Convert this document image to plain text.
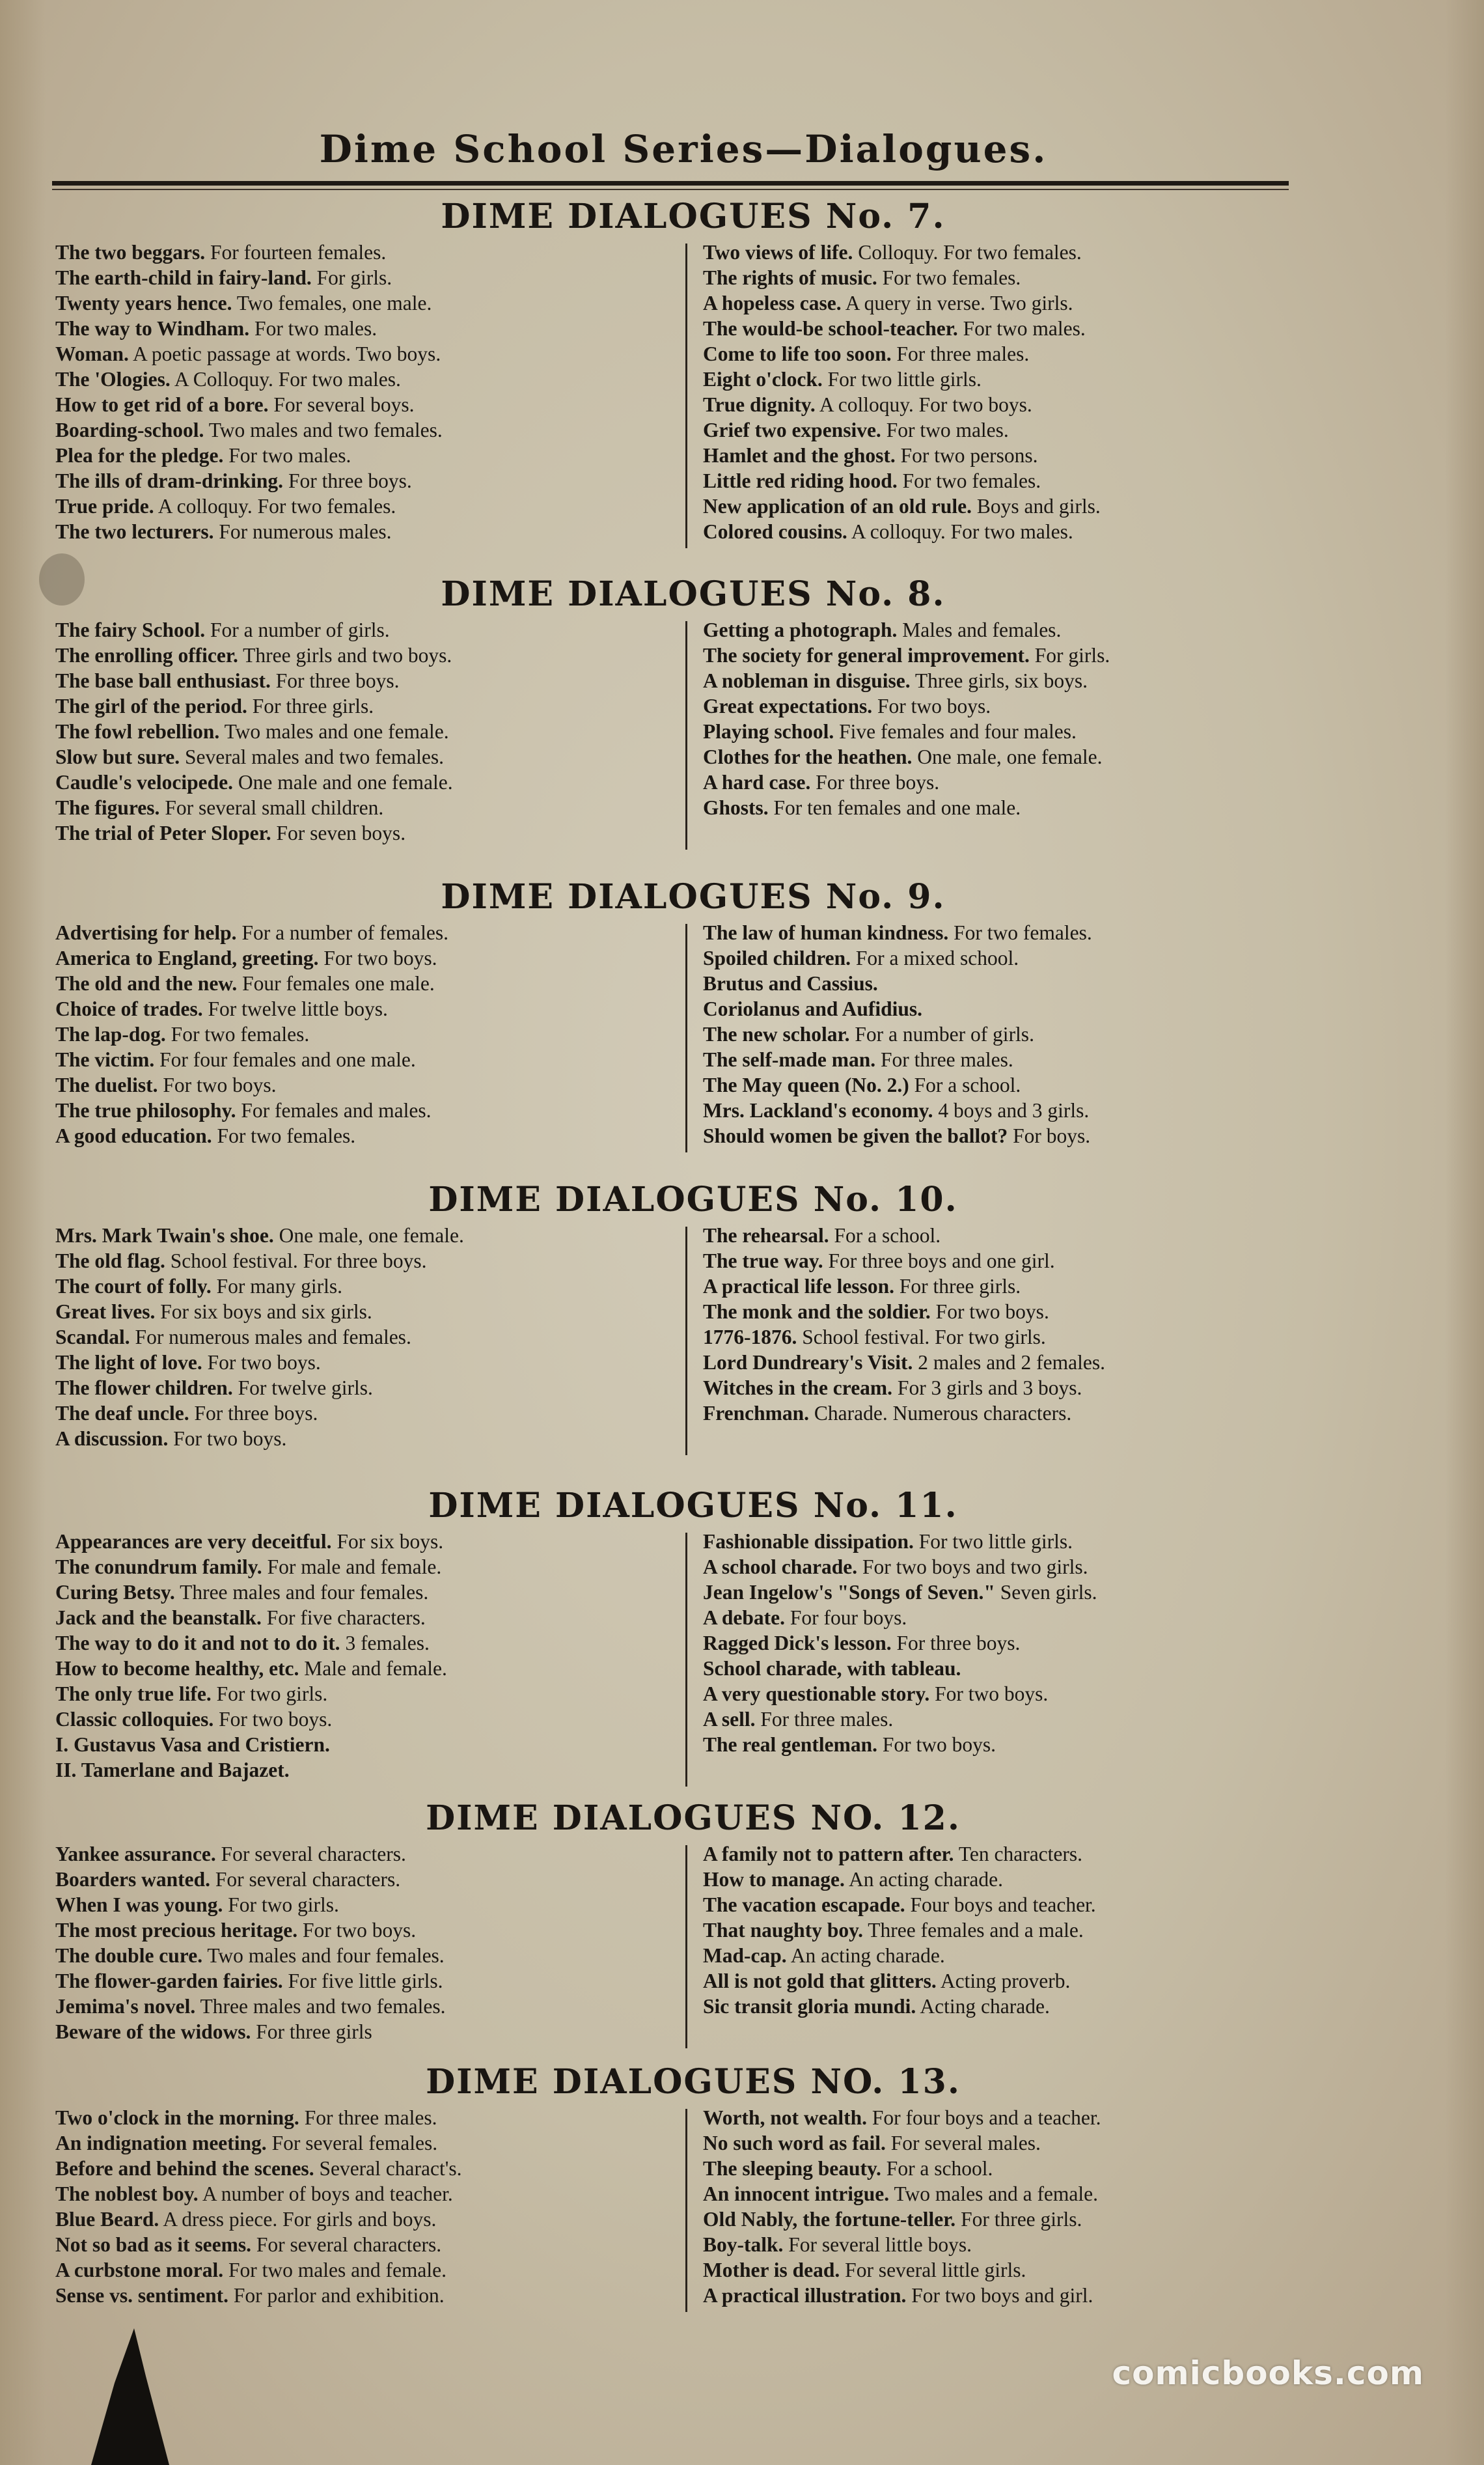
Dime School Series—Dialogues.
DIME DIALOGUES No. 7.
The two beggars. For fourteen females.
The earth-child in fairy-land. For girls.
Twenty years hence. Two females, one male.
The way to Windham. For two males.
Woman. A poetic passage at words. Two boys.
The 'Ologies. A Colloquy. For two males.
How to get rid of a bore. For several boys.
Boarding-school. Two males and two females.
Plea for the pledge. For two males.
The ills of dram-drinking. For three boys.
True pride. A colloquy. For two females.
The two lecturers. For numerous males.
Two views of life. Colloquy. For two females.
The rights of music. For two females.
A hopeless case. A query in verse. Two girls.
The would-be school-teacher. For two males.
Come to life too soon. For three males.
Eight o'clock. For two little girls.
True dignity. A colloquy. For two boys.
Grief two expensive. For two males.
Hamlet and the ghost. For two persons.
Little red riding hood. For two females.
New application of an old rule. Boys and girls.
Colored cousins. A colloquy. For two males.
DIME DIALOGUES No. 8.
The fairy School. For a number of girls.
The enrolling officer. Three girls and two boys.
The base ball enthusiast. For three boys.
The girl of the period. For three girls.
The fowl rebellion. Two males and one female.
Slow but sure. Several males and two females.
Caudle's velocipede. One male and one female.
The figures. For several small children.
The trial of Peter Sloper. For seven boys.
Getting a photograph. Males and females.
The society for general improvement. For girls.
A nobleman in disguise. Three girls, six boys.
Great expectations. For two boys.
Playing school. Five females and four males.
Clothes for the heathen. One male, one female.
A hard case. For three boys.
Ghosts. For ten females and one male.
DIME DIALOGUES No. 9.
Advertising for help. For a number of females.
America to England, greeting. For two boys.
The old and the new. Four females one male.
Choice of trades. For twelve little boys.
The lap-dog. For two females.
The victim. For four females and one male.
The duelist. For two boys.
The true philosophy. For females and males.
A good education. For two females.
The law of human kindness. For two females.
Spoiled children. For a mixed school.
Brutus and Cassius.
Coriolanus and Aufidius.
The new scholar. For a number of girls.
The self-made man. For three males.
The May queen (No. 2.) For a school.
Mrs. Lackland's economy. 4 boys and 3 girls.
Should women be given the ballot? For boys.
DIME DIALOGUES No. 10.
Mrs. Mark Twain's shoe. One male, one female.
The old flag. School festival. For three boys.
The court of folly. For many girls.
Great lives. For six boys and six girls.
Scandal. For numerous males and females.
The light of love. For two boys.
The flower children. For twelve girls.
The deaf uncle. For three boys.
A discussion. For two boys.
The rehearsal. For a school.
The true way. For three boys and one girl.
A practical life lesson. For three girls.
The monk and the soldier. For two boys.
1776-1876. School festival. For two girls.
Lord Dundreary's Visit. 2 males and 2 females.
Witches in the cream. For 3 girls and 3 boys.
Frenchman. Charade. Numerous characters.
DIME DIALOGUES No. 11.
Appearances are very deceitful. For six boys.
The conundrum family. For male and female.
Curing Betsy. Three males and four females.
Jack and the beanstalk. For five characters.
The way to do it and not to do it. 3 females.
How to become healthy, etc. Male and female.
The only true life. For two girls.
Classic colloquies. For two boys.
I. Gustavus Vasa and Cristiern.
II. Tamerlane and Bajazet.
Fashionable dissipation. For two little girls.
A school charade. For two boys and two girls.
Jean Ingelow's "Songs of Seven." Seven girls.
A debate. For four boys.
Ragged Dick's lesson. For three boys.
School charade, with tableau.
A very questionable story. For two boys.
A sell. For three males.
The real gentleman. For two boys.
DIME DIALOGUES NO. 12.
Yankee assurance. For several characters.
Boarders wanted. For several characters.
When I was young. For two girls.
The most precious heritage. For two boys.
The double cure. Two males and four females.
The flower-garden fairies. For five little girls.
Jemima's novel. Three males and two females.
Beware of the widows. For three girls
A family not to pattern after. Ten characters.
How to manage. An acting charade.
The vacation escapade. Four boys and teacher.
That naughty boy. Three females and a male.
Mad-cap. An acting charade.
All is not gold that glitters. Acting proverb.
Sic transit gloria mundi. Acting charade.
DIME DIALOGUES NO. 13.
Two o'clock in the morning. For three males.
An indignation meeting. For several females.
Before and behind the scenes. Several charact's.
The noblest boy. A number of boys and teacher.
Blue Beard. A dress piece. For girls and boys.
Not so bad as it seems. For several characters.
A curbstone moral. For two males and female.
Sense vs. sentiment. For parlor and exhibition.
Worth, not wealth. For four boys and a teacher.
No such word as fail. For several males.
The sleeping beauty. For a school.
An innocent intrigue. Two males and a female.
Old Nably, the fortune-teller. For three girls.
Boy-talk. For several little boys.
Mother is dead. For several little girls.
A practical illustration. For two boys and girl.
comicbooks.com
